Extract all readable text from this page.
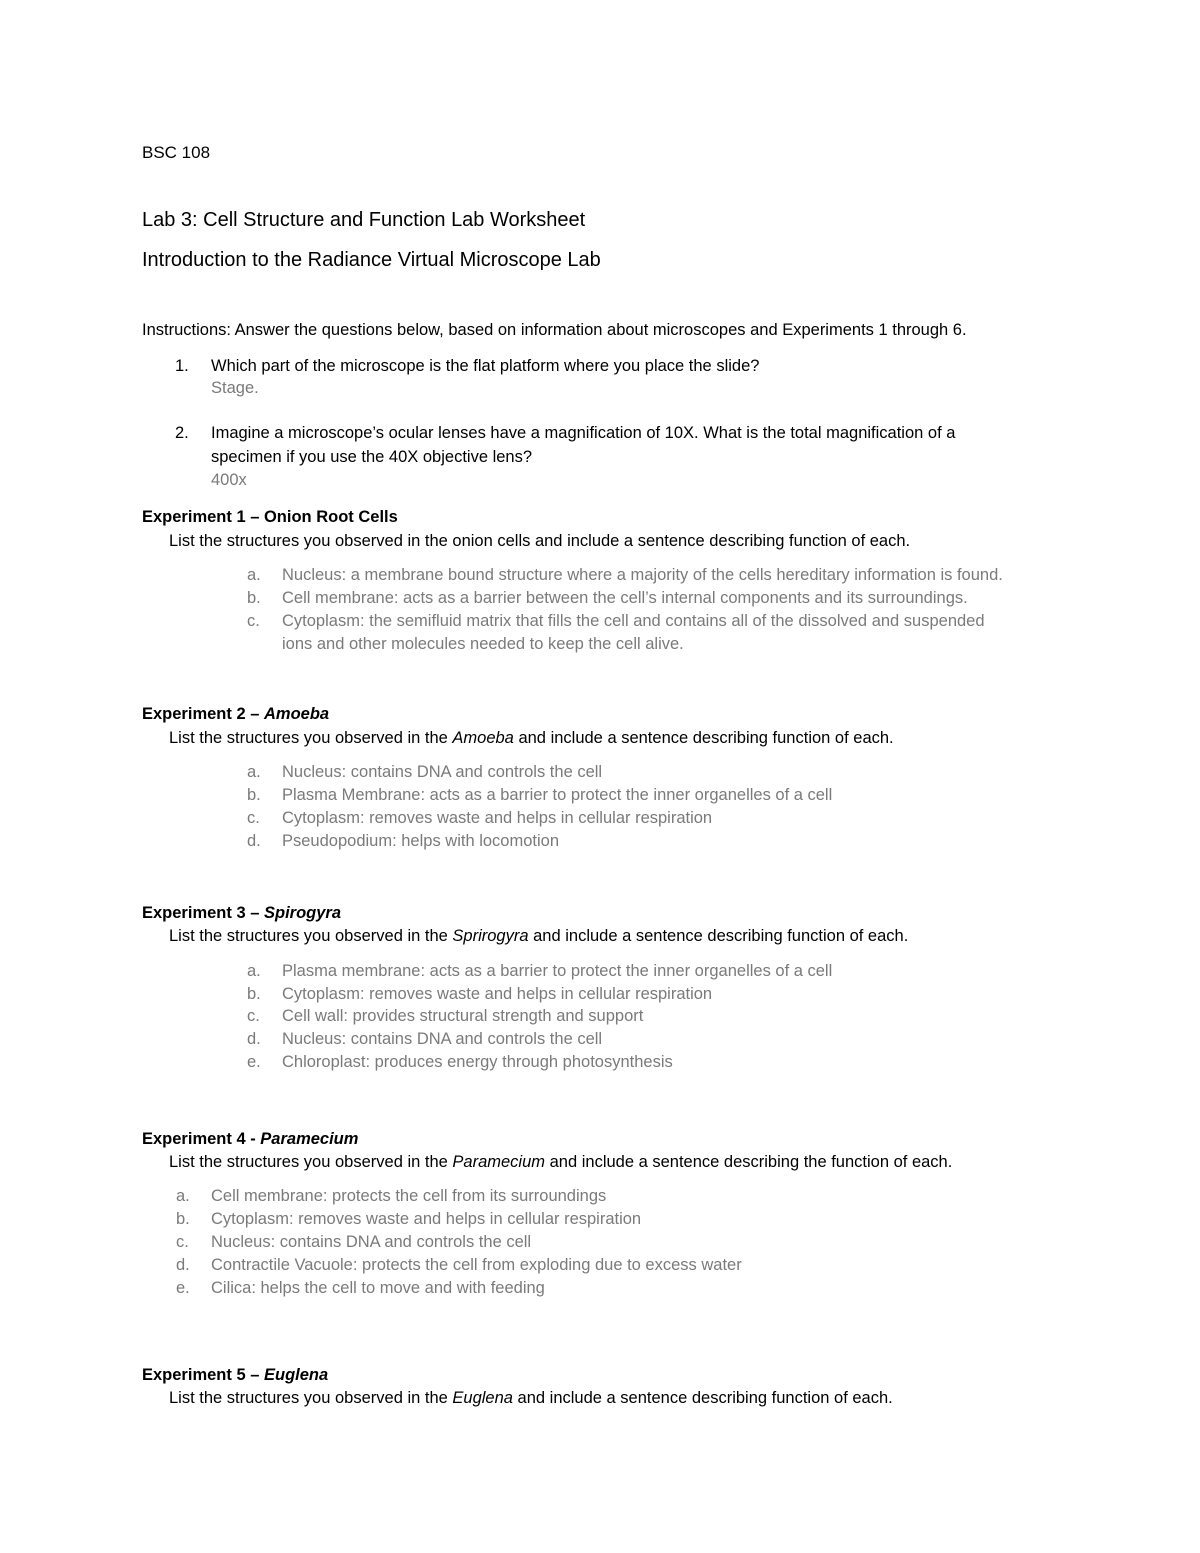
BSC 108
Lab 3: Cell Structure and Function Lab Worksheet
Introduction to the Radiance Virtual Microscope Lab
Instructions: Answer the questions below, based on information about microscopes and Experiments 1 through 6.
1. Which part of the microscope is the flat platform where you place the slide?
Stage.
2. Imagine a microscope’s ocular lenses have a magnification of 10X. What is the total magnification of a
specimen if you use the 40X objective lens?
400x
Experiment 1 – Onion Root Cells
List the structures you observed in the onion cells and include a sentence describing function of each.
a. Nucleus: a membrane bound structure where a majority of the cells hereditary information is found.
b. Cell membrane: acts as a barrier between the cell’s internal components and its surroundings.
c. Cytoplasm: the semifluid matrix that fills the cell and contains all of the dissolved and suspended
ions and other molecules needed to keep the cell alive.
Experiment 2 – Amoeba
List the structures you observed in the Amoeba and include a sentence describing function of each.
a. Nucleus: contains DNA and controls the cell
b. Plasma Membrane: acts as a barrier to protect the inner organelles of a cell
c. Cytoplasm: removes waste and helps in cellular respiration
d. Pseudopodium: helps with locomotion
Experiment 3 – Spirogyra
List the structures you observed in the Sprirogyra and include a sentence describing function of each.
a. Plasma membrane: acts as a barrier to protect the inner organelles of a cell
b. Cytoplasm: removes waste and helps in cellular respiration
c. Cell wall: provides structural strength and support
d. Nucleus: contains DNA and controls the cell
e. Chloroplast: produces energy through photosynthesis
Experiment 4 - Paramecium
List the structures you observed in the Paramecium and include a sentence describing the function of each.
a. Cell membrane: protects the cell from its surroundings
b. Cytoplasm: removes waste and helps in cellular respiration
c. Nucleus: contains DNA and controls the cell
d. Contractile Vacuole: protects the cell from exploding due to excess water
e. Cilica: helps the cell to move and with feeding
Experiment 5 – Euglena
List the structures you observed in the Euglena and include a sentence describing function of each.
